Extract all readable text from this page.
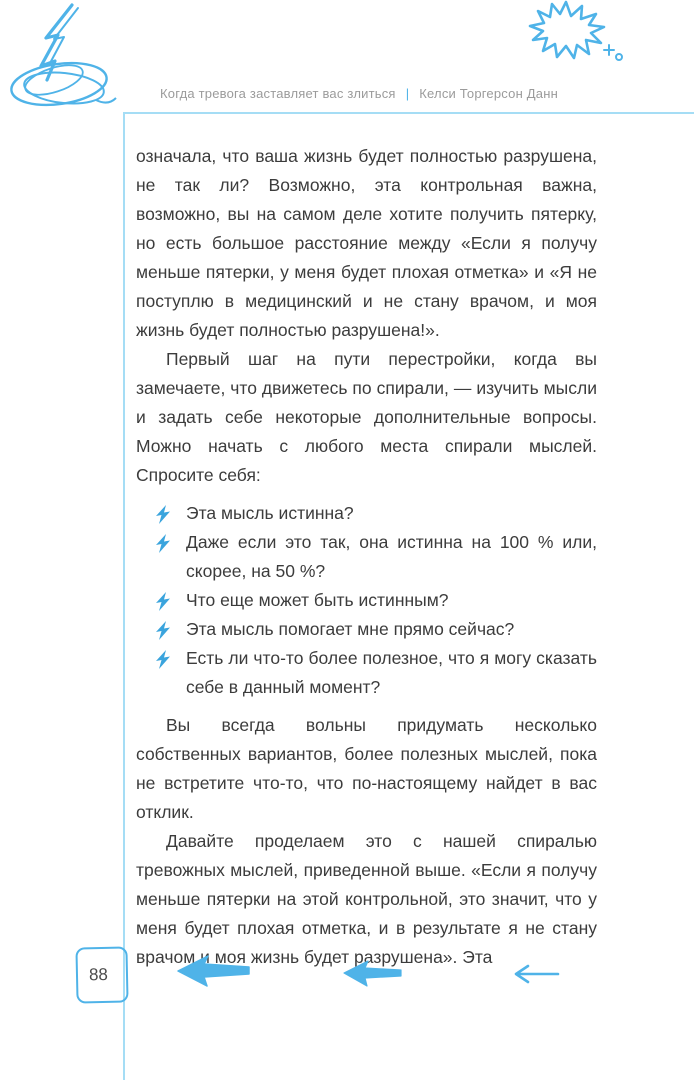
Когда тревога заставляет вас злиться | Келси Торгерсон Данн

означала, что ваша жизнь будет полностью разрушена, не так ли? Возможно, эта контрольная важна, возможно, вы на самом деле хотите получить пятерку, но есть большое расстояние между «Если я получу меньше пятерки, у меня будет плохая отметка» и «Я не поступлю в медицинский и не стану врачом, и моя жизнь будет полностью разрушена!».

Первый шаг на пути перестройки, когда вы замечаете, что движетесь по спирали, — изучить мысли и задать себе некоторые дополнительные вопросы. Можно начать с любого места спирали мыслей. Спросите себя:

Эта мысль истинна?
Даже если это так, она истинна на 100 % или, скорее, на 50 %?
Что еще может быть истинным?
Эта мысль помогает мне прямо сейчас?
Есть ли что-то более полезное, что я могу сказать себе в данный момент?

Вы всегда вольны придумать несколько собственных вариантов, более полезных мыслей, пока не встретите что-то, что по-настоящему найдет в вас отклик.

Давайте проделаем это с нашей спиралью тревожных мыслей, приведенной выше. «Если я получу меньше пятерки на этой контрольной, это значит, что у меня будет плохая отметка, и в результате я не стану врачом и моя жизнь будет разрушена». Эта

88
